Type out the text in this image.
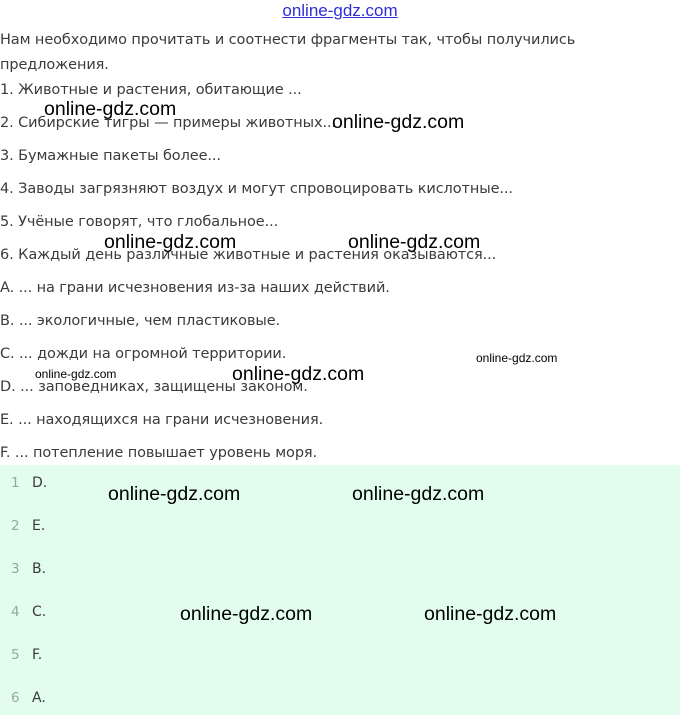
online-gdz.com
Нам необходимо прочитать и соотнести фрагменты так, чтобы получились предложения.
1. Животные и растения, обитающие ...
2. Сибирские тигры — примеры животных...
3. Бумажные пакеты более...
4. Заводы загрязняют воздух и могут спровоцировать кислотные...
5. Учёные говорят, что глобальное...
6. Каждый день различные животные и растения оказываются...
A. ... на грани исчезновения из-за наших действий.
B. ... экологичные, чем пластиковые.
C. ... дожди на огромной территории.
D. ... заповедниках, защищены законом.
E. ... находящихся на грани исчезновения.
F. ... потепление повышает уровень моря.
1 D.
2 E.
3 B.
4 C.
5 F.
6 A.
online-gdz.com
online-gdz.com
online-gdz.com	online-gdz.com
online-gdz.com
online-gdz.com
online-gdz.com
online-gdz.com	online-gdz.com
online-gdz.com	online-gdz.com
